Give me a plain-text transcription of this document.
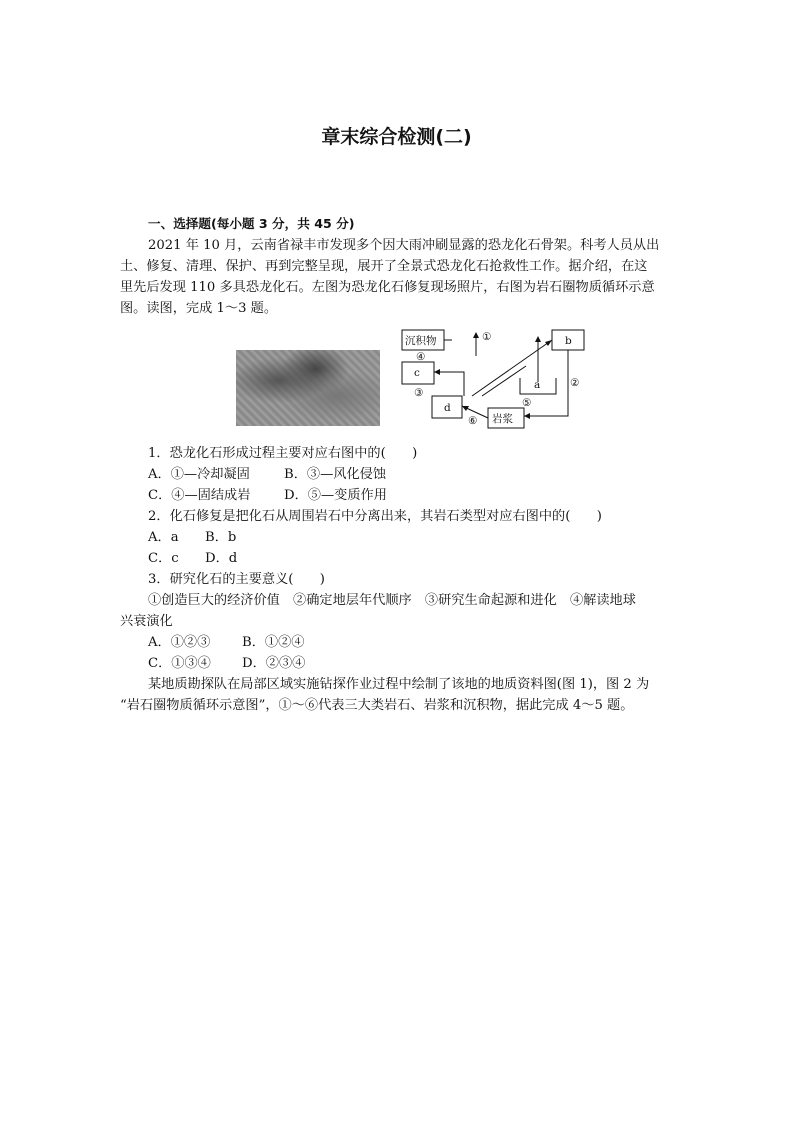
章末综合检测(二)
一、选择题(每小题 3 分，共 45 分)
2021 年 10 月，云南省禄丰市发现多个因大雨冲刷显露的恐龙化石骨架。科考人员从出
土、修复、清理、保护、再到完整呈现，展开了全景式恐龙化石抢救性工作。据介绍，在这
里先后发现 110 多具恐龙化石。左图为恐龙化石修复现场照片，右图为岩石圈物质循环示意
图。读图，完成 1～3 题。
沉积物
c
d
b
a
岩浆
④
①
②
③
⑤
⑥
1．恐龙化石形成过程主要对应右图中的(　　)
A．①—冷却凝固	B．③—风化侵蚀
C．④—固结成岩	D．⑤—变质作用
2．化石修复是把化石从周围岩石中分离出来，其岩石类型对应右图中的(　　)
A．a B．b
C．c D．d
3．研究化石的主要意义(　　)
①创造巨大的经济价值　②确定地层年代顺序　③研究生命起源和进化　④解读地球
兴衰演化
A．①②③ B．①②④
C．①③④ D．②③④
某地质勘探队在局部区域实施钻探作业过程中绘制了该地的地质资料图(图 1)，图 2 为
“岩石圈物质循环示意图”，①～⑥代表三大类岩石、岩浆和沉积物，据此完成 4～5 题。
